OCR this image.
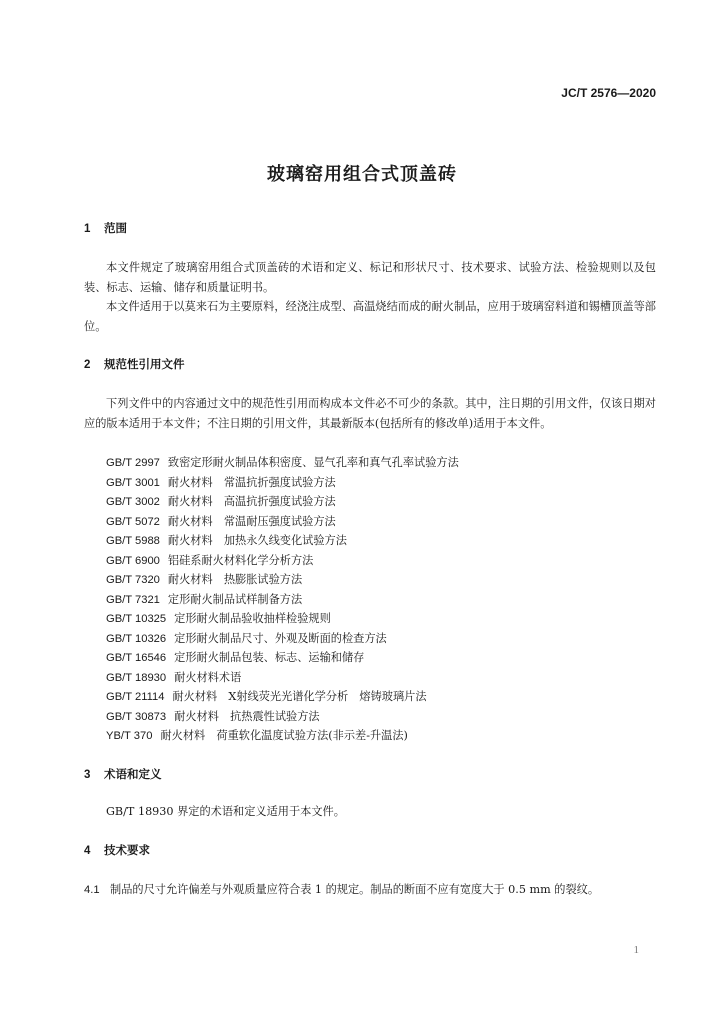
JC/T 2576—2020
玻璃窑用组合式顶盖砖
1 范围
本文件规定了玻璃窑用组合式顶盖砖的术语和定义、标记和形状尺寸、技术要求、试验方法、检验规则以及包装、标志、运输、储存和质量证明书。
本文件适用于以莫来石为主要原料，经浇注成型、高温烧结而成的耐火制品，应用于玻璃窑料道和锡槽顶盖等部位。
2 规范性引用文件
下列文件中的内容通过文中的规范性引用而构成本文件必不可少的条款。其中，注日期的引用文件，仅该日期对应的版本适用于本文件；不注日期的引用文件，其最新版本(包括所有的修改单)适用于本文件。
GB/T 2997 致密定形耐火制品体积密度、显气孔率和真气孔率试验方法
GB/T 3001 耐火材料　常温抗折强度试验方法
GB/T 3002 耐火材料　高温抗折强度试验方法
GB/T 5072 耐火材料　常温耐压强度试验方法
GB/T 5988 耐火材料　加热永久线变化试验方法
GB/T 6900 铝硅系耐火材料化学分析方法
GB/T 7320 耐火材料　热膨胀试验方法
GB/T 7321 定形耐火制品试样制备方法
GB/T 10325 定形耐火制品验收抽样检验规则
GB/T 10326 定形耐火制品尺寸、外观及断面的检查方法
GB/T 16546 定形耐火制品包装、标志、运输和储存
GB/T 18930 耐火材料术语
GB/T 21114 耐火材料　X射线荧光光谱化学分析　熔铸玻璃片法
GB/T 30873 耐火材料　抗热震性试验方法
YB/T 370 耐火材料　荷重软化温度试验方法(非示差-升温法)
3 术语和定义
GB/T 18930 界定的术语和定义适用于本文件。
4 技术要求
4.1 制品的尺寸允许偏差与外观质量应符合表 1 的规定。制品的断面不应有宽度大于 0.5 mm 的裂纹。
1
